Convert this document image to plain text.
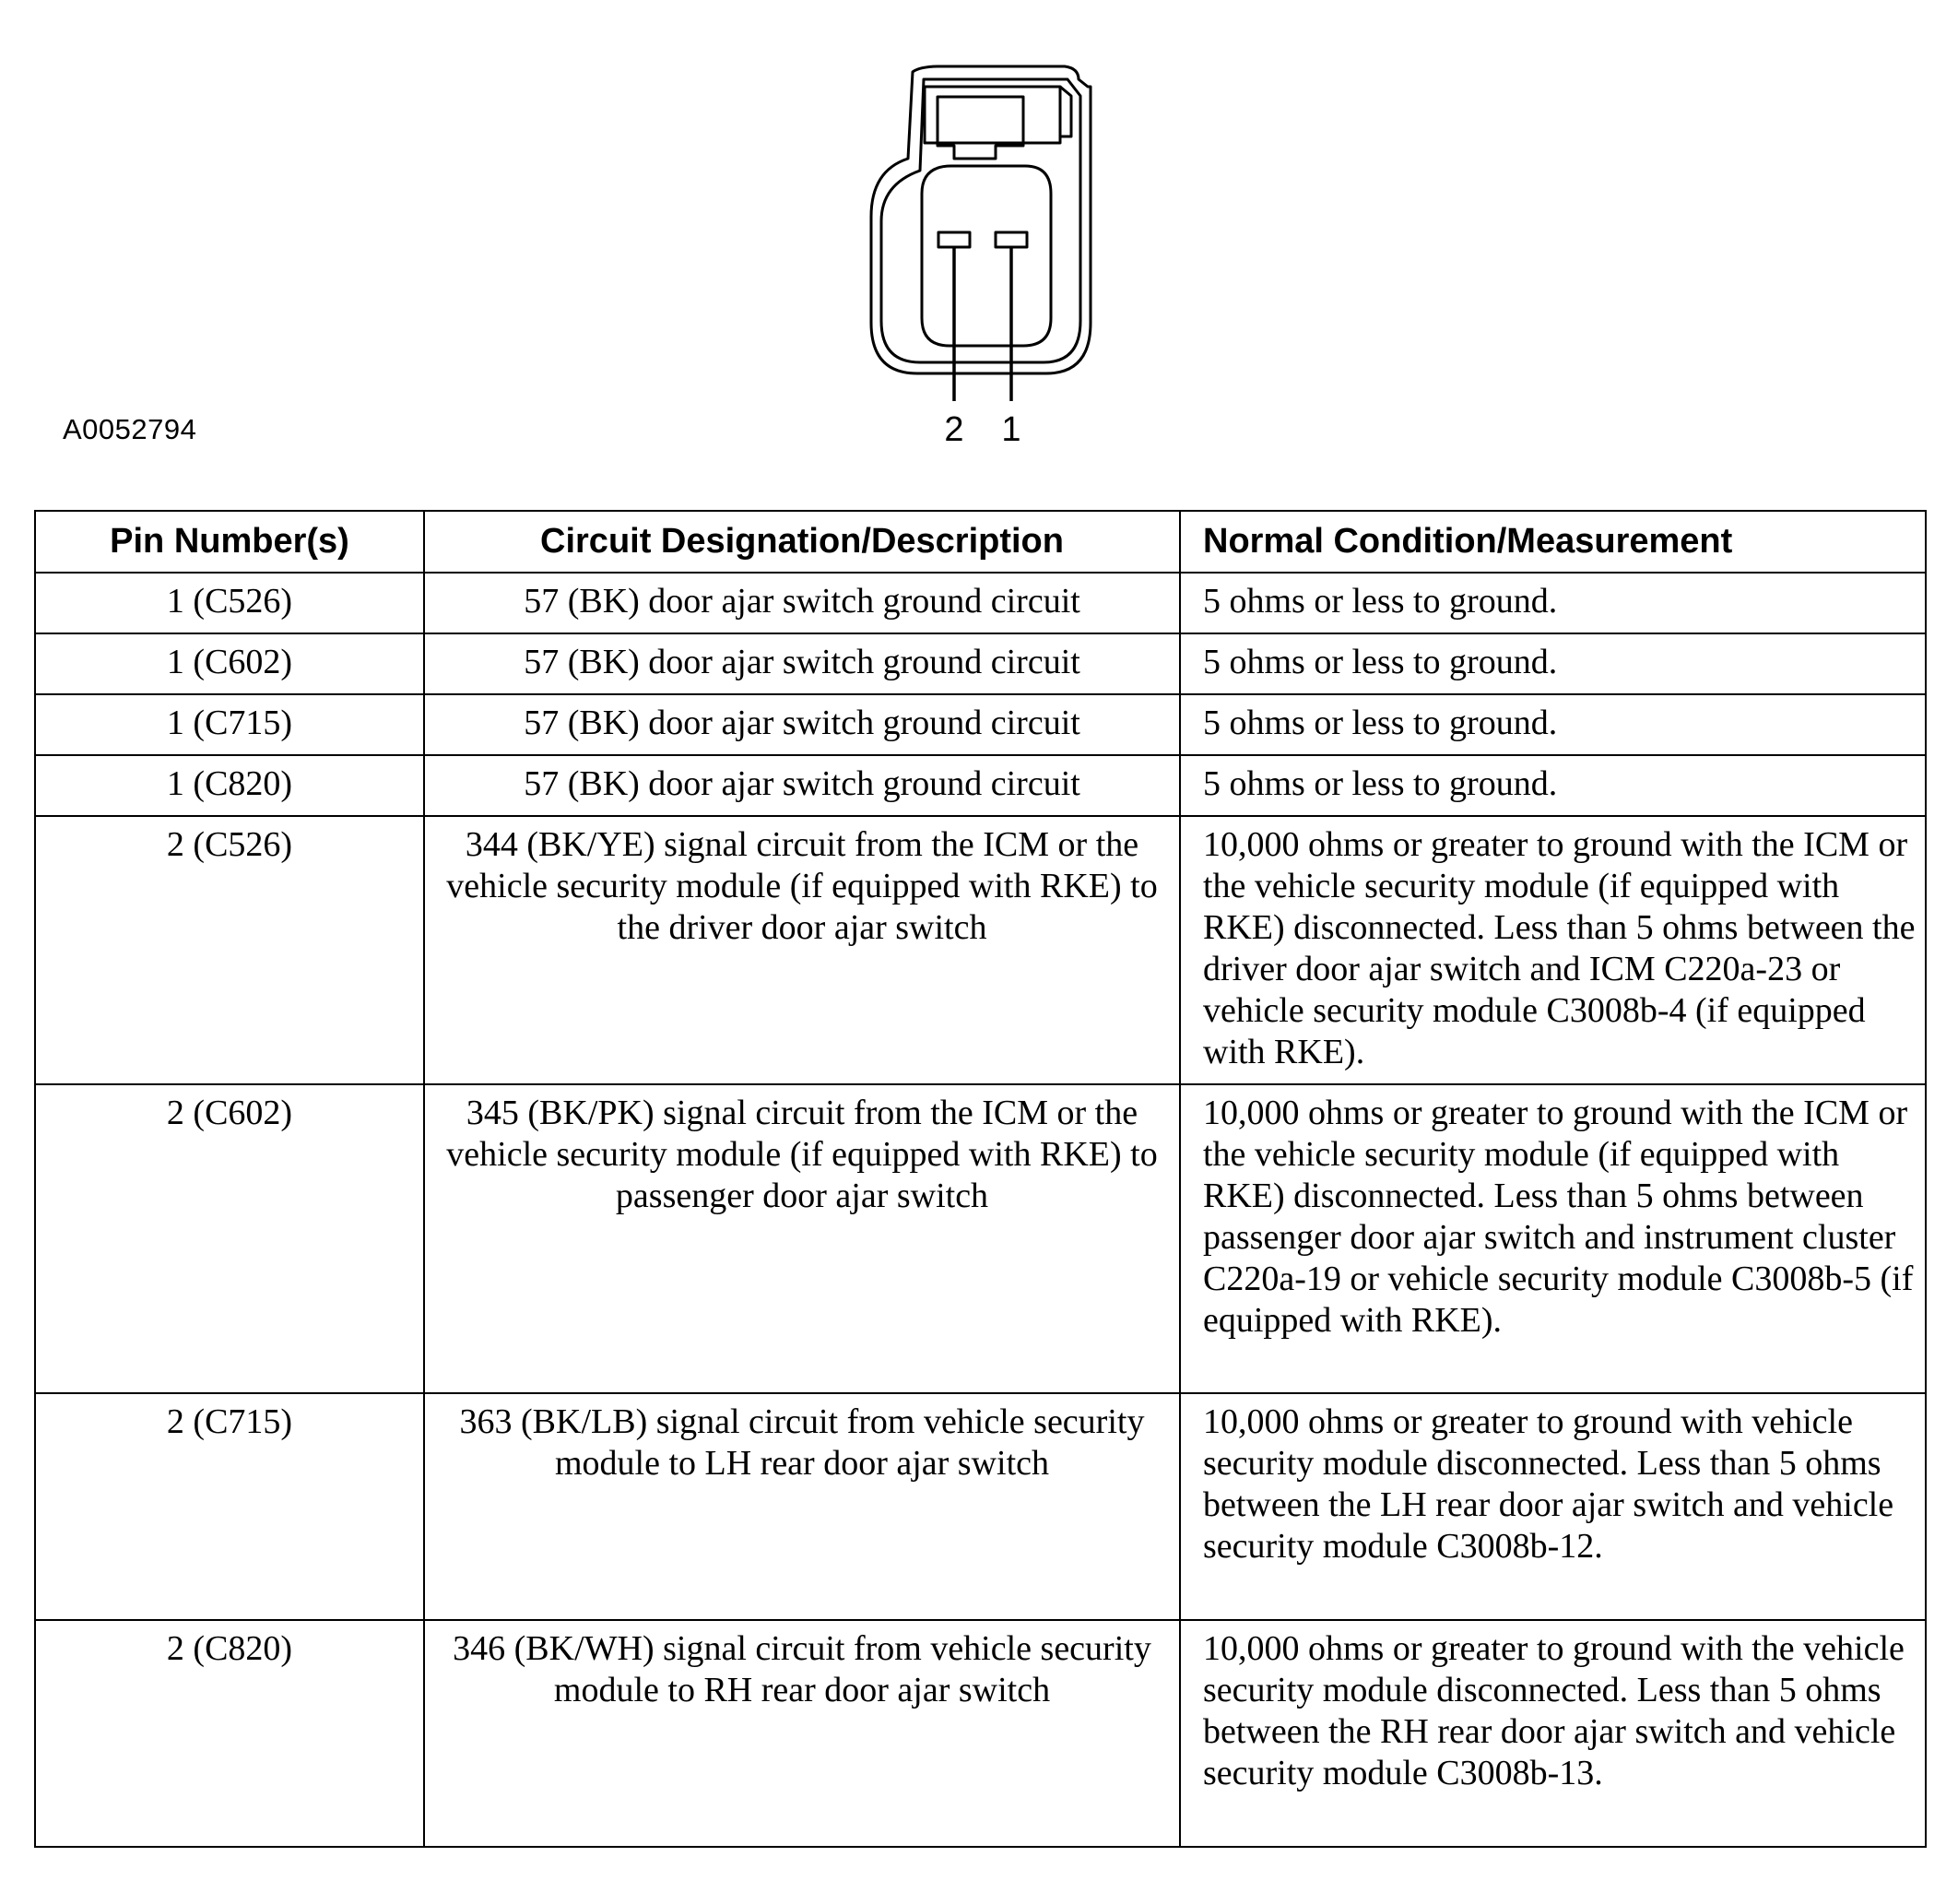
A0052794	2 1
Pin Number(s)	Circuit Designation/Description	Normal Condition/Measurement
1 (C526)	57 (BK) door ajar switch ground circuit	5 ohms or less to ground.
1 (C602)	57 (BK) door ajar switch ground circuit	5 ohms or less to ground.
1 (C715)	57 (BK) door ajar switch ground circuit	5 ohms or less to ground.
1 (C820)	57 (BK) door ajar switch ground circuit	5 ohms or less to ground.
2 (C526)	344 (BK/YE) signal circuit from the ICM or the vehicle security module (if equipped with RKE) to the driver door ajar switch	10,000 ohms or greater to ground with the ICM or the vehicle security module (if equipped with RKE) disconnected. Less than 5 ohms between the driver door ajar switch and ICM C220a-23 or vehicle security module C3008b-4 (if equipped with RKE).
2 (C602)	345 (BK/PK) signal circuit from the ICM or the vehicle security module (if equipped with RKE) to passenger door ajar switch	10,000 ohms or greater to ground with the ICM or the vehicle security module (if equipped with RKE) disconnected. Less than 5 ohms between passenger door ajar switch and instrument cluster C220a-19 or vehicle security module C3008b-5 (if equipped with RKE).
2 (C715)	363 (BK/LB) signal circuit from vehicle security module to LH rear door ajar switch	10,000 ohms or greater to ground with vehicle security module disconnected. Less than 5 ohms between the LH rear door ajar switch and vehicle security module C3008b-12.
2 (C820)	346 (BK/WH) signal circuit from vehicle security module to RH rear door ajar switch	10,000 ohms or greater to ground with the vehicle security module disconnected. Less than 5 ohms between the RH rear door ajar switch and vehicle security module C3008b-13.
